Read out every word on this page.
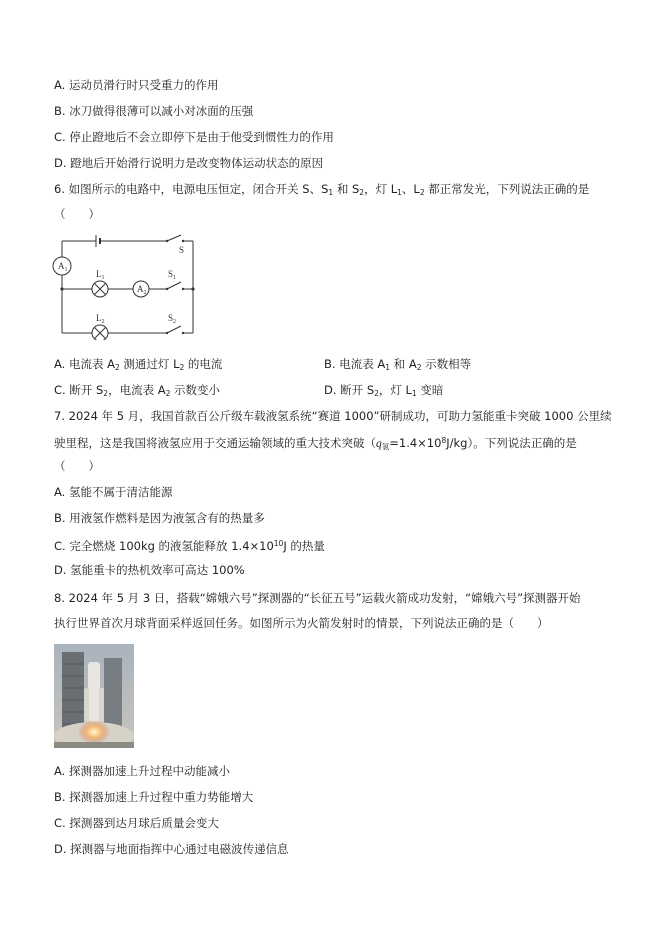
A. 运动员滑行时只受重力的作用
B. 冰刀做得很薄可以减小对冰面的压强
C. 停止蹬地后不会立即停下是由于他受到惯性力的作用
D. 蹬地后开始滑行说明力是改变物体运动状态的原因
6. 如图所示的电路中，电源电压恒定，闭合开关 S、$S_1$ 和 $S_2$，灯 $L_1$、$L_2$ 都正常发光，下列说法正确的是
（　　）
$A_1$
$A_2$
$L_1$
$L_2$
S
$S_1$
$S_2$
A. 电流表 $A_2$ 测通过灯 $L_2$ 的电流	B. 电流表 $A_1$ 和 $A_2$ 示数相等
C. 断开 $S_2$，电流表 $A_2$ 示数变小	D. 断开 $S_2$，灯 $L_1$ 变暗
7. 2024 年 5 月，我国首款百公斤级车载液氢系统“赛道 1000”研制成功，可助力氢能重卡突破 1000 公里续
驶里程，这是我国将液氢应用于交通运输领域的重大技术突破$(q_氢=1.4\times 10^8J/kg)$。下列说法正确的是
（　　）
A. 氢能不属于清洁能源
B. 用液氢作燃料是因为液氢含有的热量多
C. 完全燃烧 100kg 的液氢能释放 $1.4\times 10^{10}J$ 的热量
D. 氢能重卡的热机效率可高达 100%
8. 2024 年 5 月 3 日，搭载“嫦娥六号”探测器的“长征五号”运载火箭成功发射，“嫦娥六号”探测器开始
执行世界首次月球背面采样返回任务。如图所示为火箭发射时的情景，下列说法正确的是（　　）
A. 探测器加速上升过程中动能减小
B. 探测器加速上升过程中重力势能增大
C. 探测器到达月球后质量会变大
D. 探测器与地面指挥中心通过电磁波传递信息
